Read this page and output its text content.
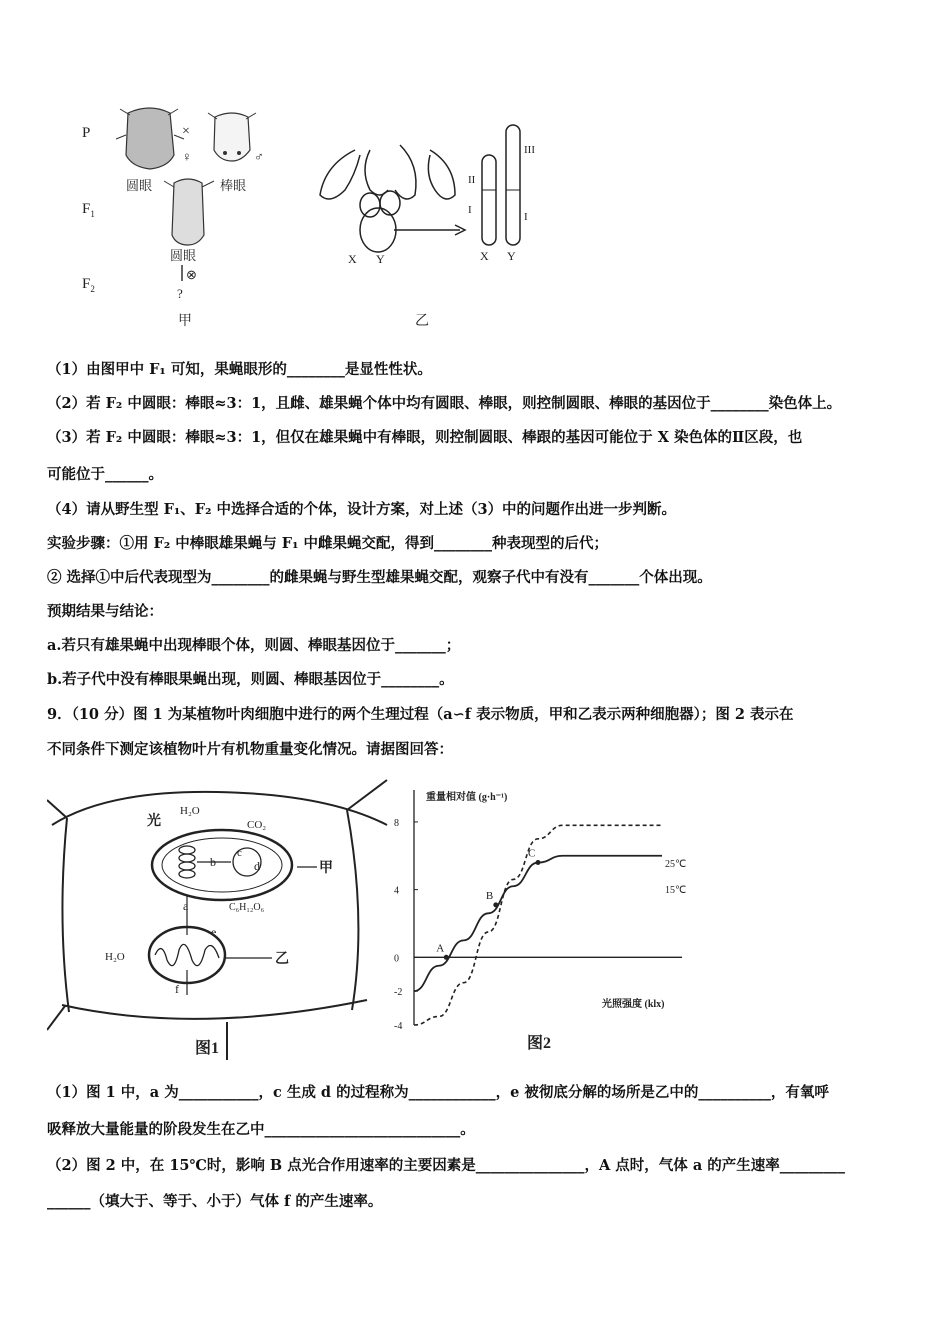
P
$F_1$
$F_2$
×
♀
圆眼
♂
棒眼
圆眼
⊗
?
甲
X Y
乙
II
I
III
I
X Y
（1）由图甲中 F₁ 可知，果蝇眼形的________是显性性状。
（2）若 F₂ 中圆眼：棒眼≈3：1，且雌、雄果蝇个体中均有圆眼、棒眼，则控制圆眼、棒眼的基因位于________染色体上。
（3）若 F₂ 中圆眼：棒眼≈3：1，但仅在雄果蝇中有棒眼，则控制圆眼、棒跟的基因可能位于 X 染色体的Ⅱ区段，也
可能位于______。
（4）请从野生型 F₁、F₂ 中选择合适的个体，设计方案，对上述（3）中的问题作出进一步判断。
实验步骤：①用 F₂ 中棒眼雄果蝇与 F₁ 中雌果蝇交配，得到________种表现型的后代；
② 选择①中后代表现型为________的雌果蝇与野生型雄果蝇交配，观察子代中有没有_______个体出现。
预期结果与结论：
a.若只有雄果蝇中出现棒眼个体，则圆、棒眼基因位于_______；
b.若子代中没有棒眼果蝇出现，则圆、棒眼基因位于________。
9．（10 分）图 1 为某植物叶肉细胞中进行的两个生理过程（a∽f 表示物质，甲和乙表示两种细胞器）；图 2 表示在
不同条件下测定该植物叶片有机物重量变化情况。请据图回答：
光
H₂O
CO₂
b
c
d	甲
a	C₆H₁₂O₆
e
f
H₂O	乙
图1
重量相对值 (g·h⁻¹)
光照强度 (klx)
8
4
0
-2
-4
25℃
15℃
A
B
C
图2
（1）图 1 中，a 为___________，c 生成 d 的过程称为____________，e 被彻底分解的场所是乙中的__________，有氧呼
吸释放大量能量的阶段发生在乙中___________________________。
（2）图 2 中，在 15℃时，影响 B 点光合作用速率的主要因素是_______________，A 点时，气体 a 的产生速率_________
______（填大于、等于、小于）气体 f 的产生速率。
